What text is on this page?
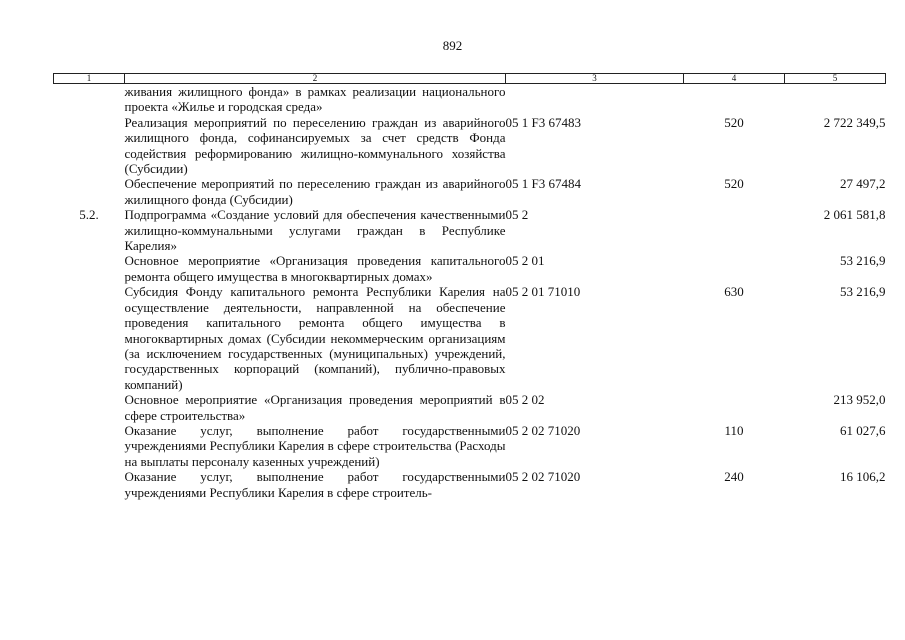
892
1	2	3	4	5
	живания жилищного фонда» в рамках реализации национального проекта «Жилье и городская среда»			
	Реализация мероприятий по переселению граждан из аварийного жилищного фонда, софинансируемых за счет средств Фонда содействия реформированию жилищно-коммунального хозяйства (Субсидии)	05 1 F3 67483	520	2 722 349,5
	Обеспечение мероприятий по переселению граждан из аварийного жилищного фонда (Субсидии)	05 1 F3 67484	520	27 497,2
5.2.	Подпрограмма «Создание условий для обеспечения качественными жилищно-коммунальными услугами граждан в Республике Карелия»	05 2		2 061 581,8
	Основное мероприятие «Организация проведения капитального ремонта общего имущества в многоквартирных домах»	05 2 01		53 216,9
	Субсидия Фонду капитального ремонта Республики Карелия на осуществление деятельности, направленной на обеспечение проведения капитального ремонта общего имущества в многоквартирных домах (Субсидии некоммерческим организациям (за исключением государственных (муниципальных) учреждений, государственных корпораций (компаний), публично-правовых компаний)	05 2 01 71010	630	53 216,9
	Основное мероприятие «Организация проведения мероприятий в сфере строительства»	05 2 02		213 952,0
	Оказание услуг, выполнение работ государственными учреждениями Республики Карелия в сфере строительства (Расходы на выплаты персоналу казенных учреждений)	05 2 02 71020	110	61 027,6
	Оказание услуг, выполнение работ государственными учреждениями Республики Карелия в сфере строитель-	05 2 02 71020	240	16 106,2
